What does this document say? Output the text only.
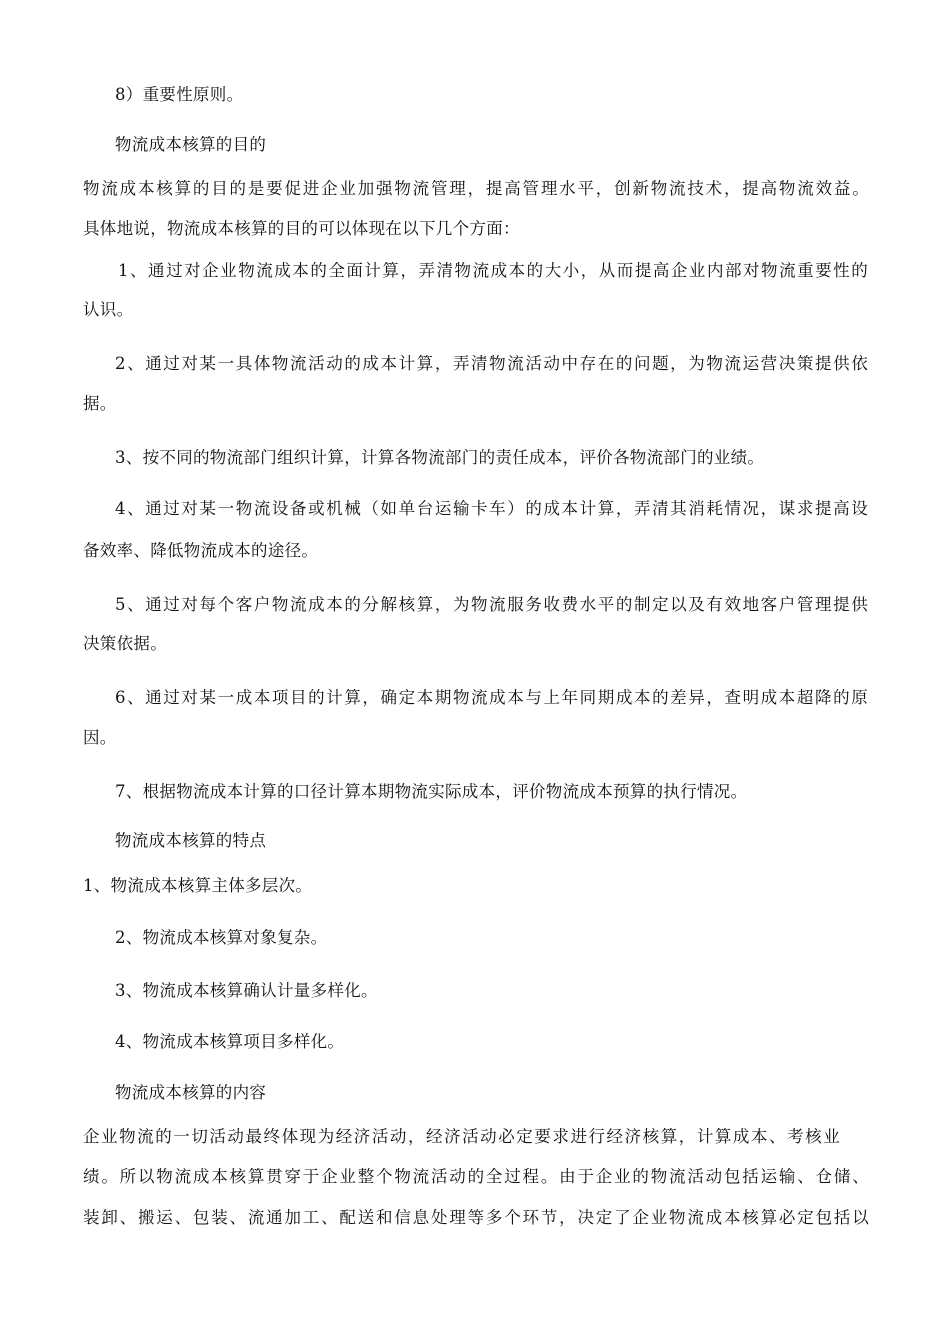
8）重要性原则。
物流成本核算的目的
物流成本核算的目的是要促进企业加强物流管理，提高管理水平，创新物流技术，提高物流效益。
具体地说，物流成本核算的目的可以体现在以下几个方面：
1、通过对企业物流成本的全面计算，弄清物流成本的大小，从而提高企业内部对物流重要性的
认识。
2、通过对某一具体物流活动的成本计算，弄清物流活动中存在的问题，为物流运营决策提供依
据。
3、按不同的物流部门组织计算，计算各物流部门的责任成本，评价各物流部门的业绩。
4、通过对某一物流设备或机械（如单台运输卡车）的成本计算，弄清其消耗情况，谋求提高设
备效率、降低物流成本的途径。
5、通过对每个客户物流成本的分解核算，为物流服务收费水平的制定以及有效地客户管理提供
决策依据。
6、通过对某一成本项目的计算，确定本期物流成本与上年同期成本的差异，查明成本超降的原
因。
7、根据物流成本计算的口径计算本期物流实际成本，评价物流成本预算的执行情况。
物流成本核算的特点
1、物流成本核算主体多层次。
2、物流成本核算对象复杂。
3、物流成本核算确认计量多样化。
4、物流成本核算项目多样化。
物流成本核算的内容
企业物流的一切活动最终体现为经济活动，经济活动必定要求进行经济核算，计算成本、考核业
绩。所以物流成本核算贯穿于企业整个物流活动的全过程。由于企业的物流活动包括运输、仓储、
装卸、搬运、包装、流通加工、配送和信息处理等多个环节，决定了企业物流成本核算必定包括以
